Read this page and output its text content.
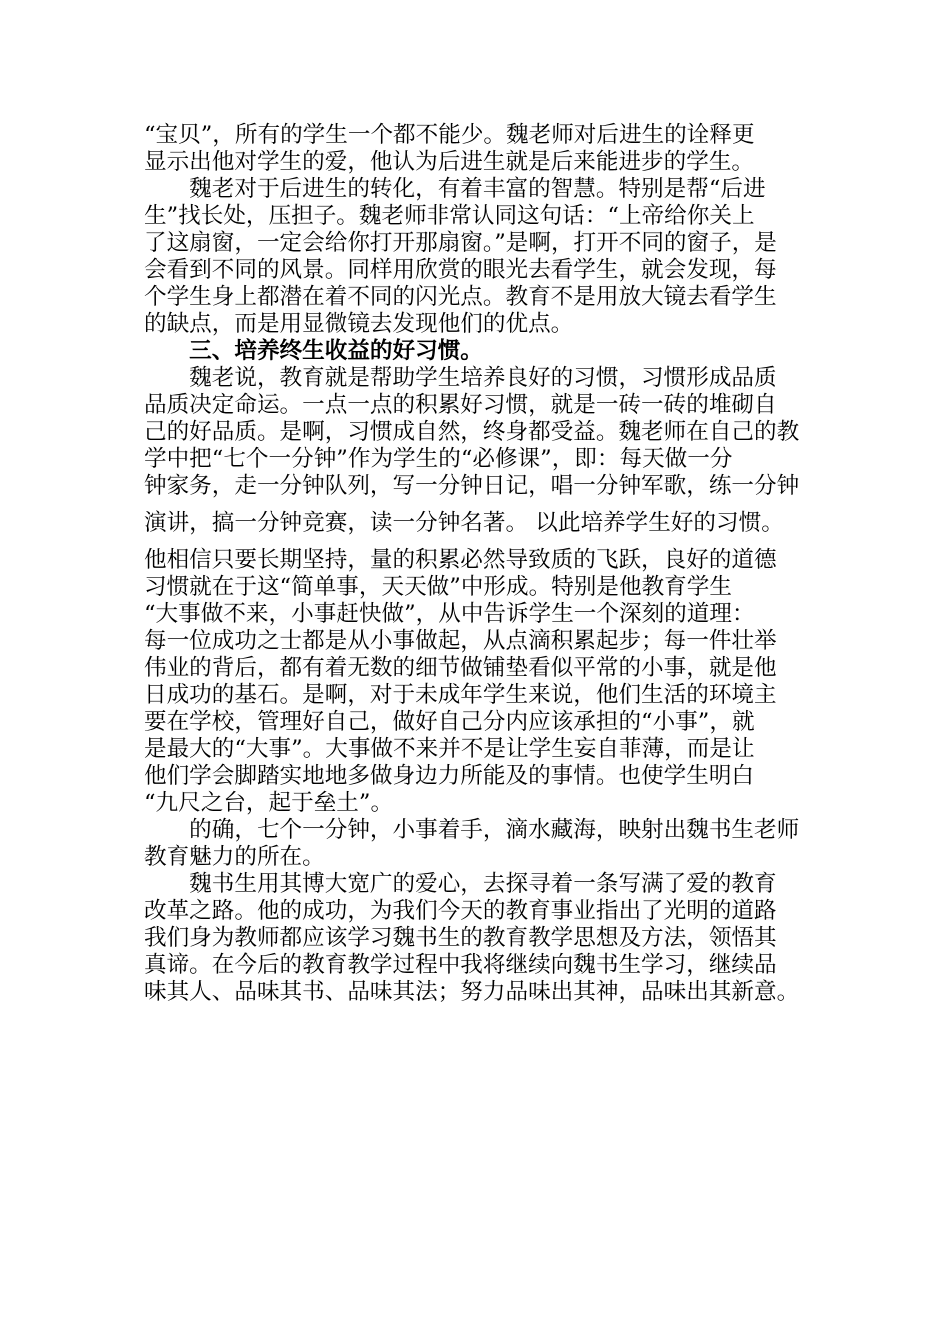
“宝贝”，所有的学生一个都不能少。魏老师对后进生的诠释更

显示出他对学生的爱，他认为后进生就是后来能进步的学生。

　　魏老对于后进生的转化，有着丰富的智慧。特别是帮“后进

生”找长处，压担子。魏老师非常认同这句话：“上帝给你关上

了这扇窗，一定会给你打开那扇窗。”是啊，打开不同的窗子，是

会看到不同的风景。同样用欣赏的眼光去看学生，就会发现，每

个学生身上都潜在着不同的闪光点。教育不是用放大镜去看学生

的缺点，而是用显微镜去发现他们的优点。

　　三、培养终生收益的好习惯。

　　魏老说，教育就是帮助学生培养良好的习惯，习惯形成品质

品质决定命运。一点一点的积累好习惯，就是一砖一砖的堆砌自

己的好品质。是啊，习惯成自然，终身都受益。魏老师在自己的教

学中把“七个一分钟”作为学生的“必修课”，即：每天做一分

钟家务，走一分钟队列，写一分钟日记，唱一分钟军歌，练一分钟

演讲，搞一分钟竞赛，读一分钟名著。 以此培养学生好的习惯。

他相信只要长期坚持，量的积累必然导致质的飞跃，良好的道德

习惯就在于这“简单事，天天做”中形成。特别是他教育学生

“大事做不来，小事赶快做”，从中告诉学生一个深刻的道理：

每一位成功之士都是从小事做起，从点滴积累起步；每一件壮举

伟业的背后，都有着无数的细节做铺垫看似平常的小事，就是他

日成功的基石。是啊，对于未成年学生来说，他们生活的环境主

要在学校，管理好自己，做好自己分内应该承担的“小事”，就

是最大的“大事”。大事做不来并不是让学生妄自菲薄，而是让

他们学会脚踏实地地多做身边力所能及的事情。也使学生明白

“九尺之台，起于垒土”。

　　的确，七个一分钟，小事着手，滴水藏海，映射出魏书生老师

教育魅力的所在。

　　魏书生用其博大宽广的爱心，去探寻着一条写满了爱的教育

改革之路。他的成功，为我们今天的教育事业指出了光明的道路

我们身为教师都应该学习魏书生的教育教学思想及方法，领悟其

真谛。在今后的教育教学过程中我将继续向魏书生学习，继续品

味其人、品味其书、品味其法；努力品味出其神，品味出其新意。
